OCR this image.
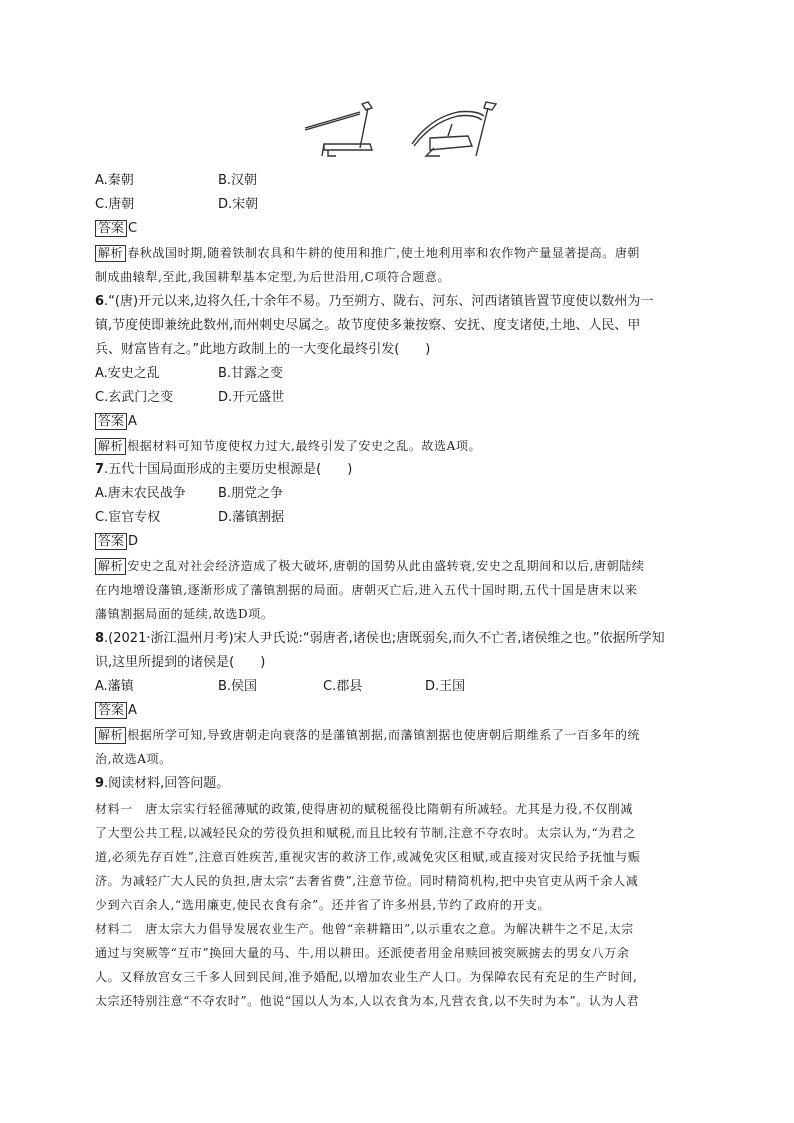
A.秦朝	B.汉朝
C.唐朝	D.宋朝
答案 C
解析 春秋战国时期,随着铁制农具和牛耕的使用和推广,使土地利用率和农作物产量显著提高。唐朝
制成曲辕犁,至此,我国耕犁基本定型,为后世沿用,C项符合题意。
6.“(唐)开元以来,边将久任,十余年不易。乃至朔方、陇右、河东、河西诸镇皆置节度使以数州为一
镇,节度使即兼统此数州,而州刺史尽属之。故节度使多兼按察、安抚、度支诸使,土地、人民、甲
兵、财富皆有之。”此地方政制上的一大变化最终引发(　　)
A.安史之乱	B.甘露之变
C.玄武门之变	D.开元盛世
答案 A
解析 根据材料可知节度使权力过大,最终引发了安史之乱。故选A项。
7.五代十国局面形成的主要历史根源是(　　)
A.唐末农民战争 B.朋党之争
C.宦官专权	D.藩镇割据
答案 D
解析 安史之乱对社会经济造成了极大破坏,唐朝的国势从此由盛转衰,安史之乱期间和以后,唐朝陆续
在内地增设藩镇,逐渐形成了藩镇割据的局面。唐朝灭亡后,进入五代十国时期,五代十国是唐末以来
藩镇割据局面的延续,故选D项。
8.(2021·浙江温州月考)宋人尹氏说:“弱唐者,诸侯也;唐既弱矣,而久不亡者,诸侯维之也。”依据所学知
识,这里所提到的诸侯是(　　)
A.藩镇	B.侯国	C.郡县	D.王国
答案 A
解析 根据所学可知,导致唐朝走向衰落的是藩镇割据,而藩镇割据也使唐朝后期维系了一百多年的统
治,故选A项。
9.阅读材料,回答问题。
材料一　唐太宗实行轻徭薄赋的政策,使得唐初的赋税徭役比隋朝有所减轻。尤其是力役,不仅削减
了大型公共工程,以减轻民众的劳役负担和赋税,而且比较有节制,注意不夺农时。太宗认为,“为君之
道,必须先存百姓”,注意百姓疾苦,重视灾害的救济工作,或减免灾区租赋,或直接对灾民给予抚恤与赈
济。为减轻广大人民的负担,唐太宗“去奢省费”,注意节俭。同时精简机构,把中央官吏从两千余人减
少到六百余人,“选用廉吏,使民衣食有余”。还并省了许多州县,节约了政府的开支。
材料二　唐太宗大力倡导发展农业生产。他曾“亲耕籍田”,以示重农之意。为解决耕牛之不足,太宗
通过与突厥等“互市”换回大量的马、牛,用以耕田。还派使者用金帛赎回被突厥掳去的男女八万余
人。又释放宫女三千多人回到民间,准予婚配,以增加农业生产人口。为保障农民有充足的生产时间,
太宗还特别注意“不夺农时”。他说“国以人为本,人以衣食为本,凡营衣食,以不失时为本”。认为人君
